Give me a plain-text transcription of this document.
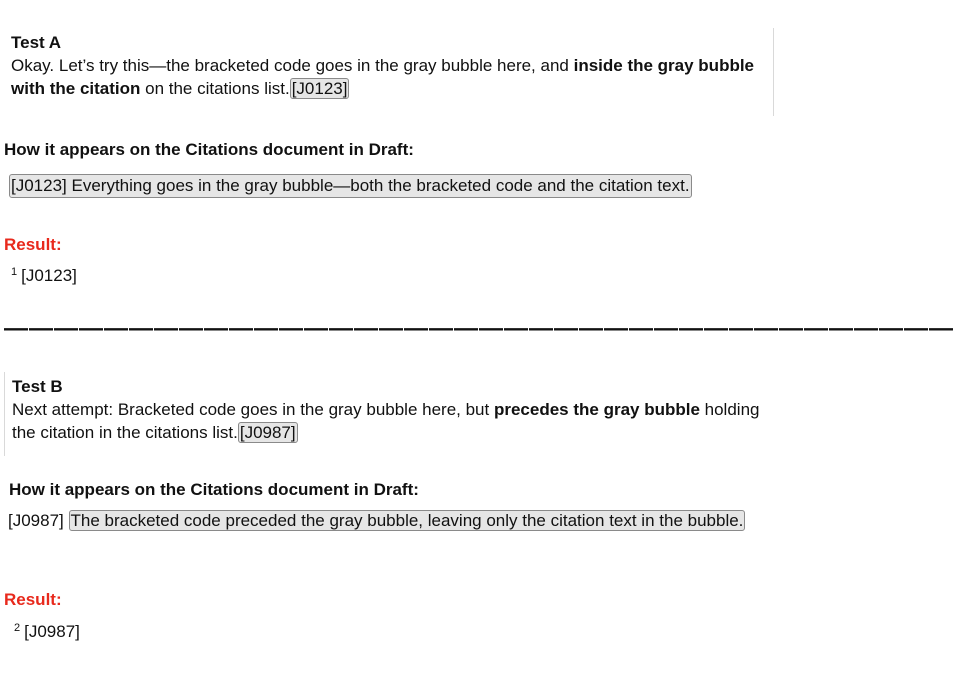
Test A
Okay. Let’s try this—the bracketed code goes in the gray bubble here, and inside the gray bubble with the citation on the citations list. [J0123]
How it appears on the Citations document in Draft:
[J0123] Everything goes in the gray bubble—both the bracketed code and the citation text.
Result:
$^1$ [J0123]
——————————————————————————————————————
Test B
Next attempt: Bracketed code goes in the gray bubble here, but precedes the gray bubble holding the citation in the citations list. [J0987]
How it appears on the Citations document in Draft:
[J0987] The bracketed code preceded the gray bubble, leaving only the citation text in the bubble.
Result:
$^2$ [J0987]
